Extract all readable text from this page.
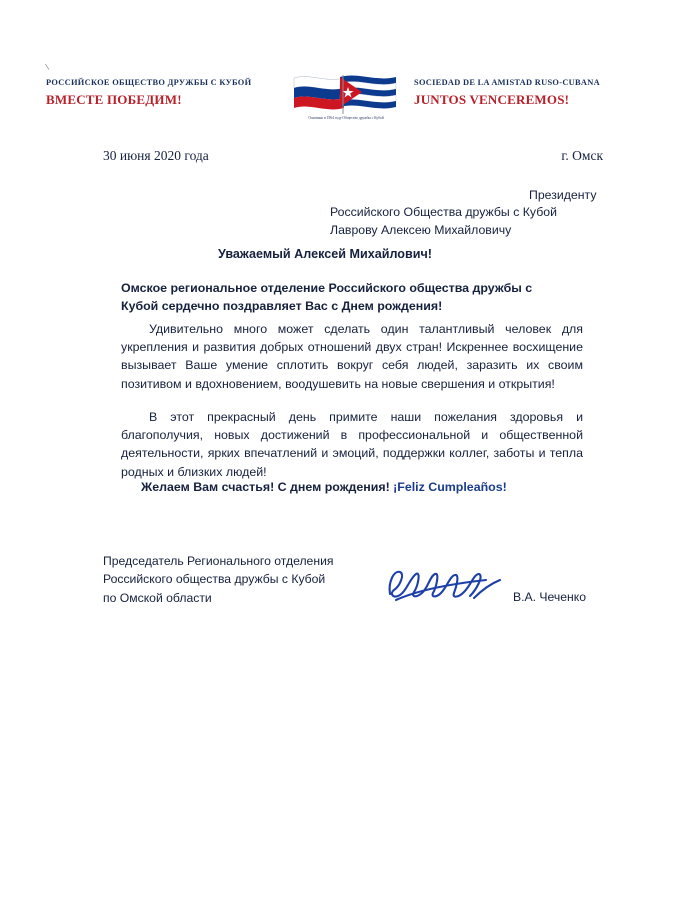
\
РОССИЙСКОЕ ОБЩЕСТВО ДРУЖБЫ С КУБОЙ
ВМЕСТЕ ПОБЕДИМ!
Основано в 1964 году Общество дружбы с Кубой
SOCIEDAD DE LA AMISTAD RUSO-CUBANA
JUNTOS VENCEREMOS!
30 июня 2020 года	г. Омск
Президенту
Российского Общества дружбы с Кубой
Лаврову Алексею Михайловичу
Уважаемый Алексей Михайлович!
Омское региональное отделение Российского общества дружбы с Кубой сердечно поздравляет Вас с Днем рождения!
Удивительно много может сделать один талантливый человек для укрепления и развития добрых отношений двух стран! Искреннее восхищение вызывает Ваше умение сплотить вокруг себя людей, заразить их своим позитивом и вдохновением, воодушевить на новые свершения и открытия!
В этот прекрасный день примите наши пожелания здоровья и благополучия, новых достижений в профессиональной и общественной деятельности, ярких впечатлений и эмоций, поддержки коллег, заботы и тепла родных и близких людей!
Желаем Вам счастья! С днем рождения! ¡Feliz Cumpleaños!
Председатель Регионального отделения
Российского общества дружбы с Кубой
по Омской области	В.А. Чеченко
